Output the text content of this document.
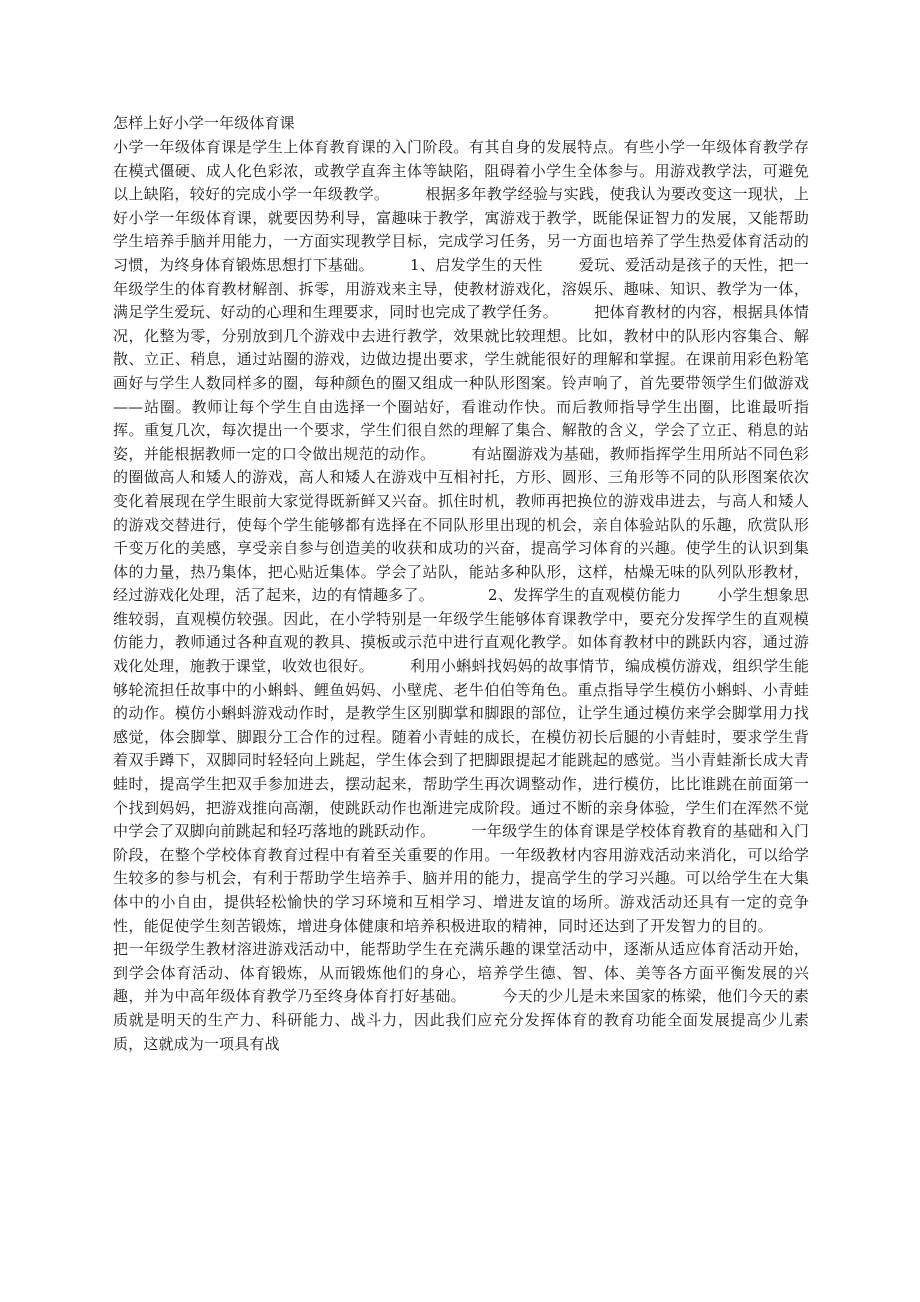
怎样上好小学一年级体育课

小学一年级体育课是学生上体育教育课的入门阶段。有其自身的发展特点。有些小学一年级体育教学存在模式僵硬、成人化色彩浓，或教学直奔主体等缺陷，阻碍着小学生全体参与。用游戏教学法，可避免以上缺陷，较好的完成小学一年级教学。 根据多年教学经验与实践，使我认为要改变这一现状，上好小学一年级体育课，就要因势利导，富趣味于教学，寓游戏于教学，既能保证智力的发展，又能帮助学生培养手脑并用能力，一方面实现教学目标，完成学习任务，另一方面也培养了学生热爱体育活动的习惯，为终身体育锻炼思想打下基础。 1、启发学生的天性 爱玩、爱活动是孩子的天性，把一年级学生的体育教材解剖、拆零，用游戏来主导，使教材游戏化，溶娱乐、趣味、知识、教学为一体，满足学生爱玩、好动的心理和生理要求，同时也完成了教学任务。 把体育教材的内容，根据具体情况，化整为零，分别放到几个游戏中去进行教学，效果就比较理想。比如，教材中的队形内容集合、解散、立正、稍息，通过站圈的游戏，边做边提出要求，学生就能很好的理解和掌握。在课前用彩色粉笔画好与学生人数同样多的圈，每种颜色的圈又组成一种队形图案。铃声响了，首先要带领学生们做游戏——站圈。教师让每个学生自由选择一个圈站好，看谁动作快。而后教师指导学生出圈，比谁最听指挥。重复几次，每次提出一个要求，学生们很自然的理解了集合、解散的含义，学会了立正、稍息的站姿，并能根据教师一定的口令做出规范的动作。 有站圈游戏为基础，教师指挥学生用所站不同色彩的圈做高人和矮人的游戏，高人和矮人在游戏中互相衬托，方形、圆形、三角形等不同的队形图案依次变化着展现在学生眼前大家觉得既新鲜又兴奋。抓住时机，教师再把换位的游戏串进去，与高人和矮人的游戏交替进行，使每个学生能够都有选择在不同队形里出现的机会，亲自体验站队的乐趣，欣赏队形千变万化的美感，享受亲自参与创造美的收获和成功的兴奋，提高学习体育的兴趣。使学生的认识到集体的力量，热乃集体，把心贴近集体。学会了站队，能站多种队形，这样，枯燥无味的队列队形教材，经过游戏化处理，活了起来，边的有情趣多了。	2、发挥学生的直观模仿能力 小学生想象思维较弱，直观模仿较强。因此，在小学特别是一年级学生能够体育课教学中，要充分发挥学生的直观模仿能力，教师通过各种直观的教具、摸板或示范中进行直观化教学。如体育教材中的跳跃内容，通过游戏化处理，施教于课堂，收效也很好。 利用小蝌蚪找妈妈的故事情节，编成模仿游戏，组织学生能够轮流担任故事中的小蝌蚪、鲤鱼妈妈、小壁虎、老牛伯伯等角色。重点指导学生模仿小蝌蚪、小青蛙的动作。模仿小蝌蚪游戏动作时，是教学生区别脚掌和脚跟的部位，让学生通过模仿来学会脚掌用力找感觉，体会脚掌、脚跟分工合作的过程。随着小青蛙的成长，在模仿初长后腿的小青蛙时，要求学生背着双手蹲下，双脚同时轻轻向上跳起，学生体会到了把脚跟提起才能跳起的感觉。当小青蛙渐长成大青蛙时，提高学生把双手参加进去，摆动起来，帮助学生再次调整动作，进行模仿，比比谁跳在前面第一个找到妈妈，把游戏推向高潮，使跳跃动作也渐进完成阶段。通过不断的亲身体验，学生们在浑然不觉中学会了双脚向前跳起和轻巧落地的跳跃动作。 一年级学生的体育课是学校体育教育的基础和入门阶段，在整个学校体育教育过程中有着至关重要的作用。一年级教材内容用游戏活动来消化，可以给学生较多的参与机会，有利于帮助学生培养手、脑并用的能力，提高学生的学习兴趣。可以给学生在大集体中的小自由，提供轻松愉快的学习环境和互相学习、增进友谊的场所。游戏活动还具有一定的竞争性，能促使学生刻苦锻炼，增进身体健康和培养积极进取的精神，同时还达到了开发智力的目的。把一年级学生教材溶进游戏活动中，能帮助学生在充满乐趣的课堂活动中，逐渐从适应体育活动开始，到学会体育活动、体育锻炼，从而锻炼他们的身心，培养学生德、智、体、美等各方面平衡发展的兴趣，并为中高年级体育教学乃至终身体育打好基础。 今天的少儿是未来国家的栋梁，他们今天的素质就是明天的生产力、科研能力、战斗力，因此我们应充分发挥体育的教育功能全面发展提高少儿素质，这就成为一项具有战
